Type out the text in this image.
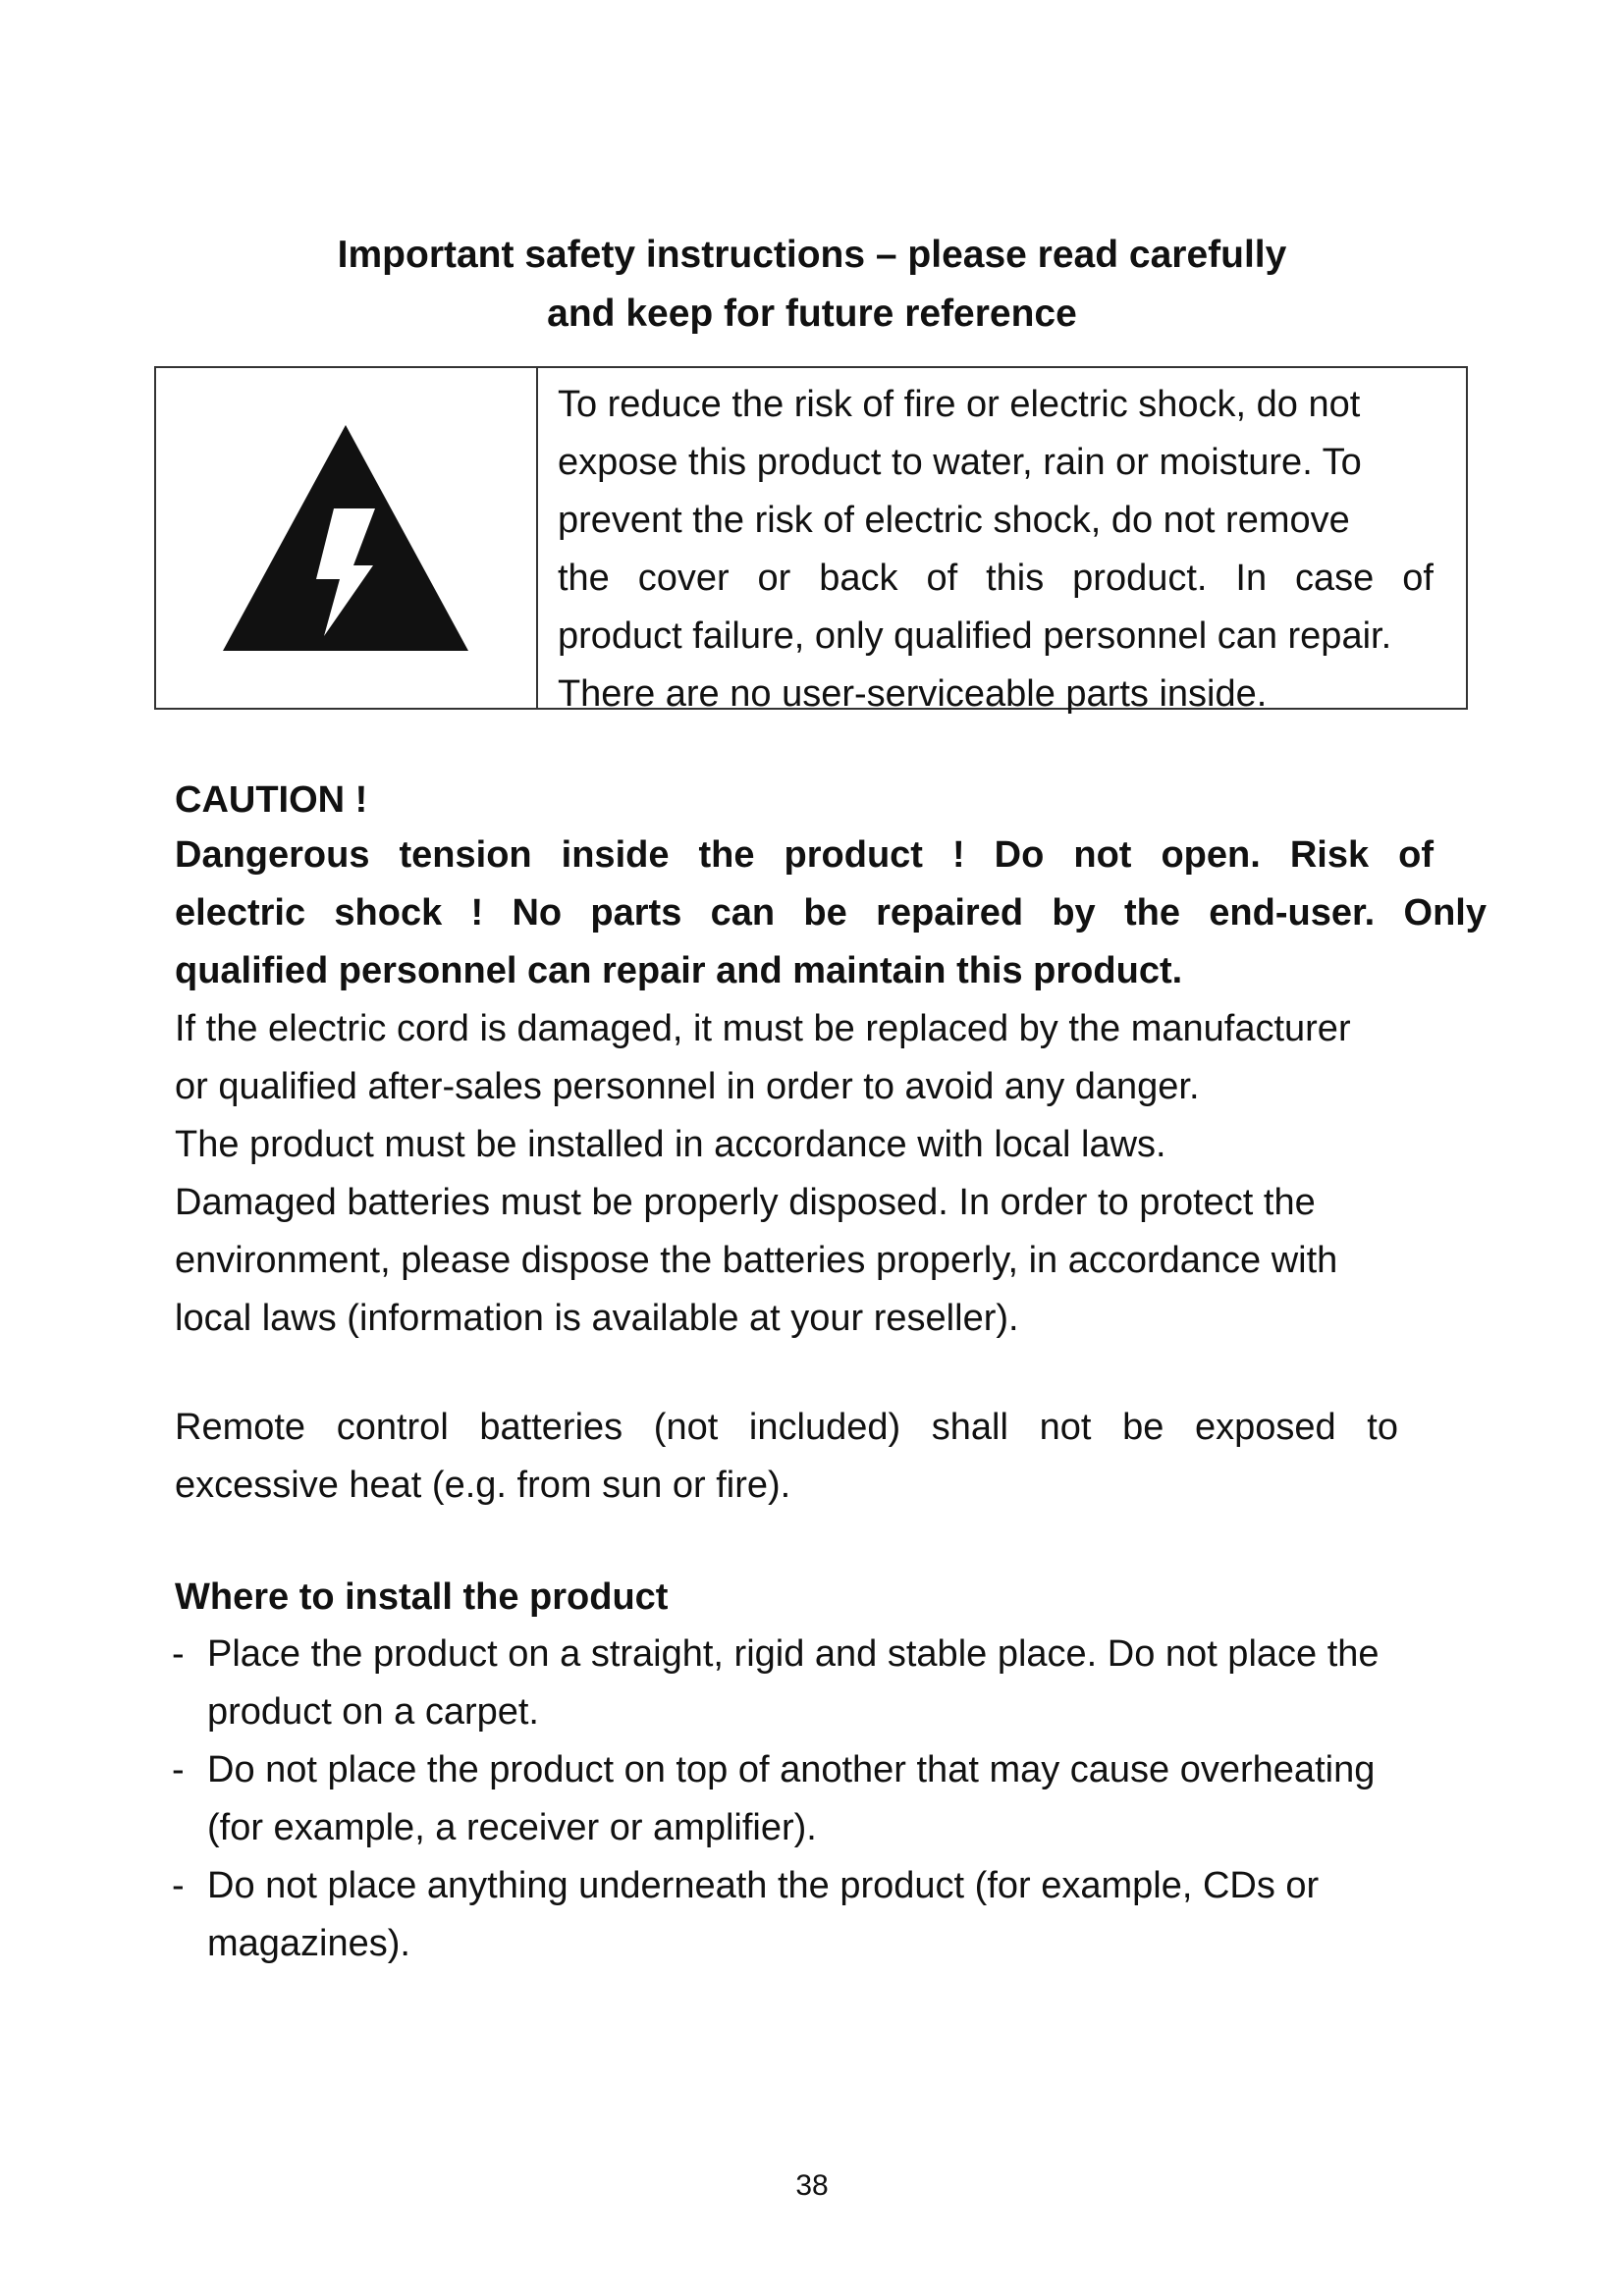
Important safety instructions – please read carefully
and keep for future reference
To reduce the risk of fire or electric shock, do not
expose this product to water, rain or moisture. To
prevent the risk of electric shock, do not remove
the cover or back of this product. In case of
product failure, only qualified personnel can repair.
There are no user-serviceable parts inside.
CAUTION !
Dangerous tension inside the product ! Do not open. Risk of
electric shock ! No parts can be repaired by the end-user. Only
qualified personnel can repair and maintain this product.
If the electric cord is damaged, it must be replaced by the manufacturer
or qualified after-sales personnel in order to avoid any danger.
The product must be installed in accordance with local laws.
Damaged batteries must be properly disposed. In order to protect the
environment, please dispose the batteries properly, in accordance with
local laws (information is available at your reseller).
Remote control batteries (not included) shall not be exposed to
excessive heat (e.g. from sun or fire).
Where to install the product
- Place the product on a straight, rigid and stable place. Do not place the
product on a carpet.
- Do not place the product on top of another that may cause overheating
(for example, a receiver or amplifier).
- Do not place anything underneath the product (for example, CDs or
magazines).
38
